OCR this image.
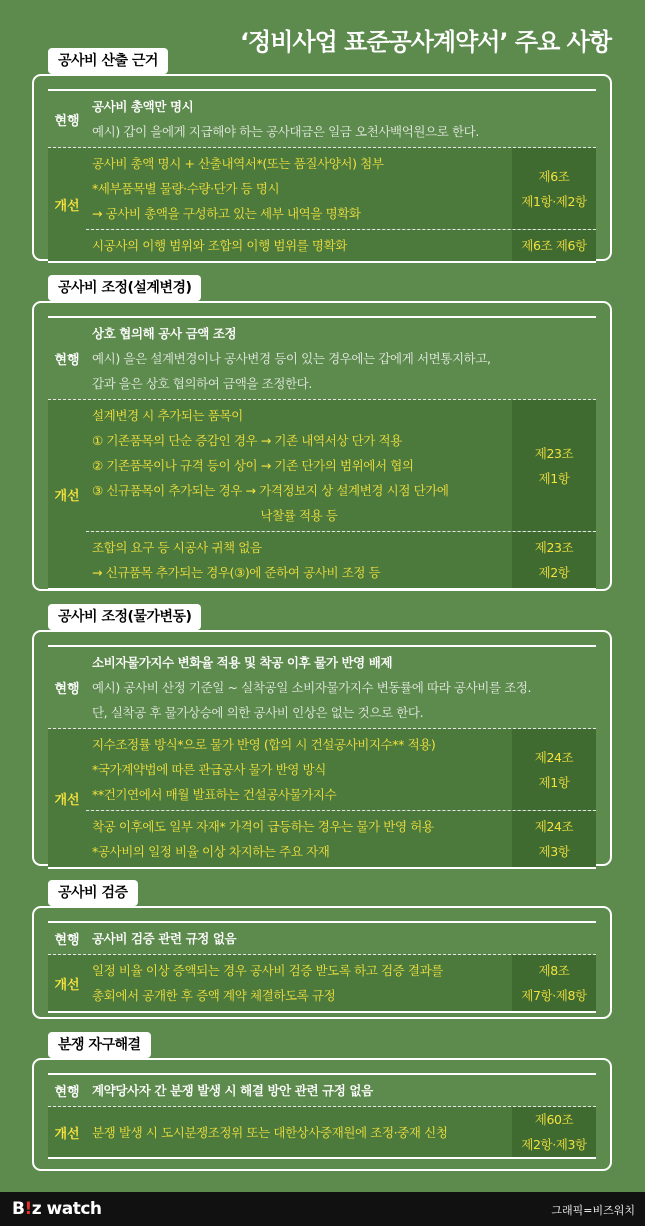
‘정비사업 표준공사계약서’ 주요 사항
공사비 산출 근거
현행
공사비 총액만 명시
예시) 갑이 을에게 지급해야 하는 공사대금은 일금 오천사백억원으로 한다.
개선
공사비 총액 명시 + 산출내역서*(또는 품질사양서) 첨부
*세부품목별 물량·수량·단가 등 명시
→ 공사비 총액을 구성하고 있는 세부 내역을 명확화
제6조
제1항·제2항
시공사의 이행 범위와 조합의 이행 범위를 명확화	제6조 제6항
공사비 조정(설계변경)
현행
상호 협의해 공사 금액 조정
예시) 을은 설계변경이나 공사변경 등이 있는 경우에는 갑에게 서면통지하고,
갑과 을은 상호 협의하여 금액을 조정한다.
개선
설계변경 시 추가되는 품목이
① 기존품목의 단순 증감인 경우 → 기존 내역서상 단가 적용
② 기존품목이나 규격 등이 상이 → 기존 단가의 범위에서 협의
③ 신규품목이 추가되는 경우 → 가격정보지 상 설계변경 시점 단가에
낙찰률 적용 등
제23조
제1항
조합의 요구 등 시공사 귀책 없음
→ 신규품목 추가되는 경우(③)에 준하여 공사비 조정 등
제23조
제2항
공사비 조정(물가변동)
현행
소비자물가지수 변화율 적용 및 착공 이후 물가 반영 배제
예시) 공사비 산정 기준일 ~ 실착공일 소비자물가지수 변동률에 따라 공사비를 조정.
단, 실착공 후 물가상승에 의한 공사비 인상은 없는 것으로 한다.
개선
지수조정률 방식*으로 물가 반영 (합의 시 건설공사비지수** 적용)
*국가계약법에 따른 관급공사 물가 반영 방식
**건기연에서 매월 발표하는 건설공사물가지수
제24조
제1항
착공 이후에도 일부 자재* 가격이 급등하는 경우는 물가 반영 허용
*공사비의 일정 비율 이상 차지하는 주요 자재
제24조
제3항
공사비 검증
현행 공사비 검증 관련 규정 없음
개선
일정 비율 이상 증액되는 경우 공사비 검증 받도록 하고 검증 결과를
총회에서 공개한 후 증액 계약 체결하도록 규정
제8조
제7항·제8항
분쟁 자구해결
현행 계약당사자 간 분쟁 발생 시 해결 방안 관련 규정 없음
개선 분쟁 발생 시 도시분쟁조정위 또는 대한상사중재원에 조정·중재 신청
제60조
제2항·제3항
B!z watch	그래픽=비즈워치
